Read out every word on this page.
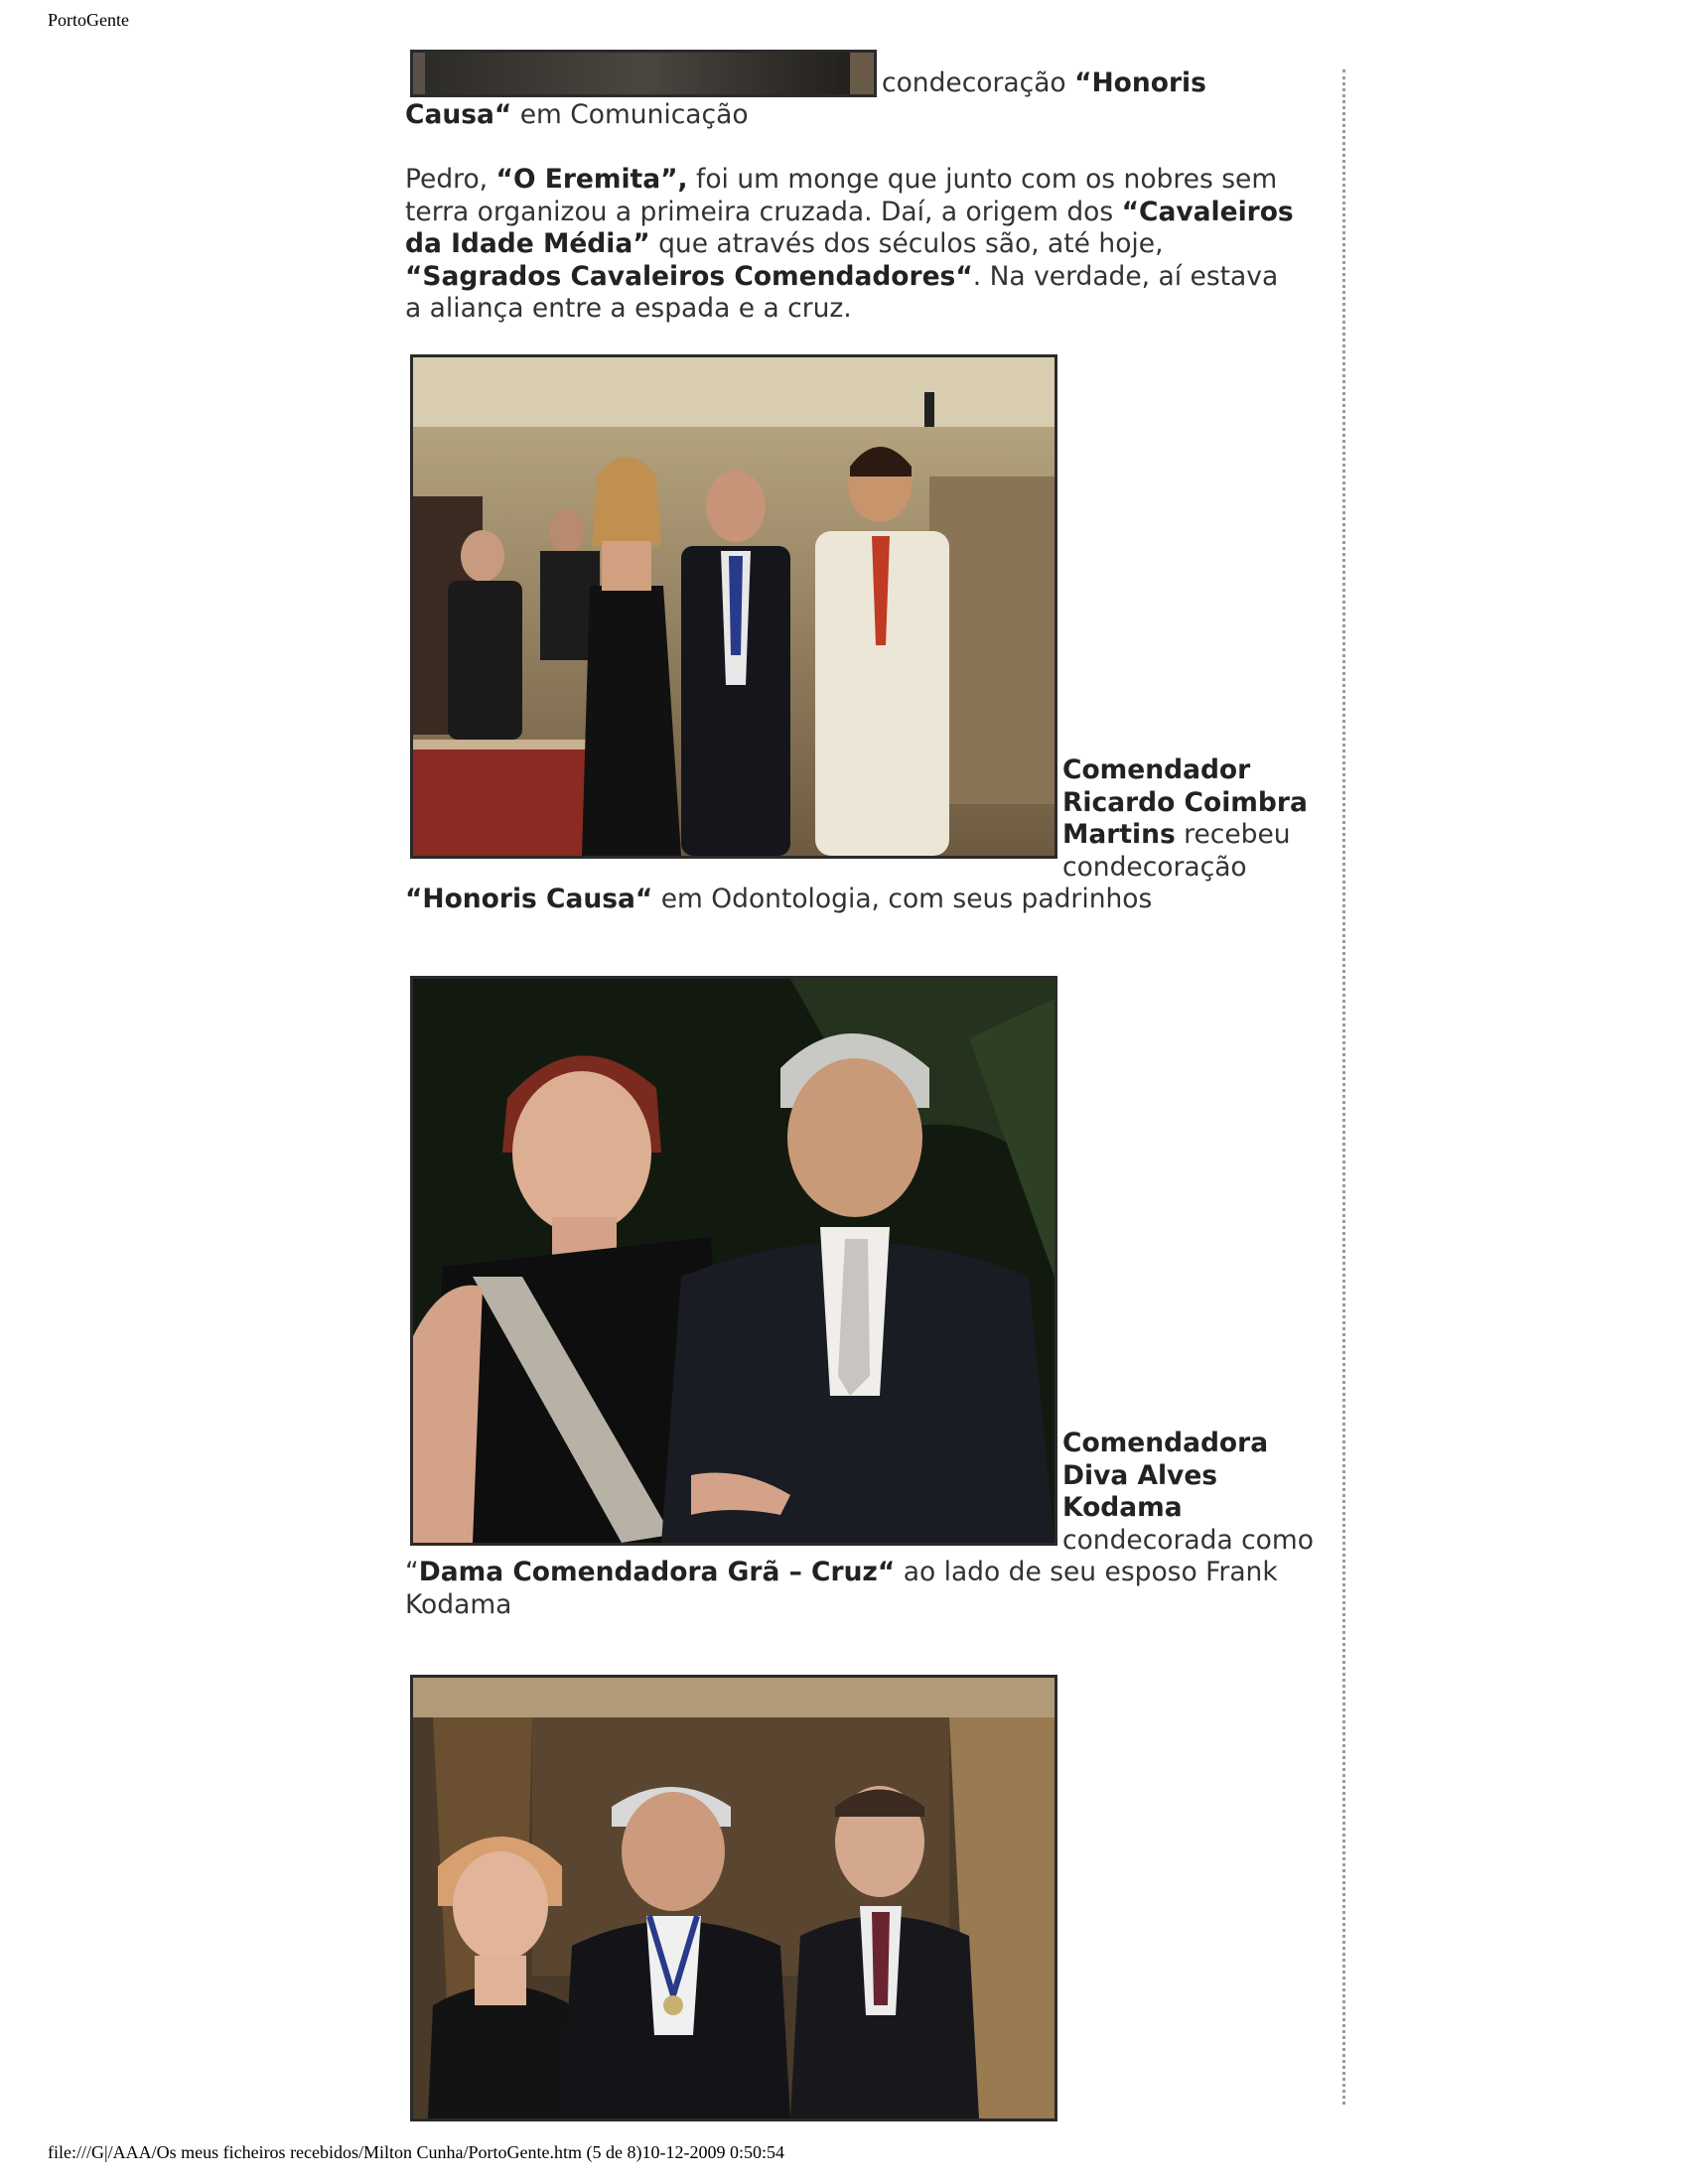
PortoGente
condecoração “Honoris
Causa“ em Comunicação
Pedro, “O Eremita”, foi um monge que junto com os nobres sem
terra organizou a primeira cruzada. Daí, a origem dos “Cavaleiros
da Idade Média” que através dos séculos são, até hoje,
“Sagrados Cavaleiros Comendadores“. Na verdade, aí estava
a aliança entre a espada e a cruz.
Comendador
Ricardo Coimbra
Martins recebeu
condecoração
“Honoris Causa“ em Odontologia, com seus padrinhos
Comendadora
Diva Alves
Kodama
condecorada como
“Dama Comendadora Grã – Cruz“ ao lado de seu esposo Frank
Kodama
file:///G|/AAA/Os meus ficheiros recebidos/Milton Cunha/PortoGente.htm (5 de 8)10-12-2009 0:50:54
